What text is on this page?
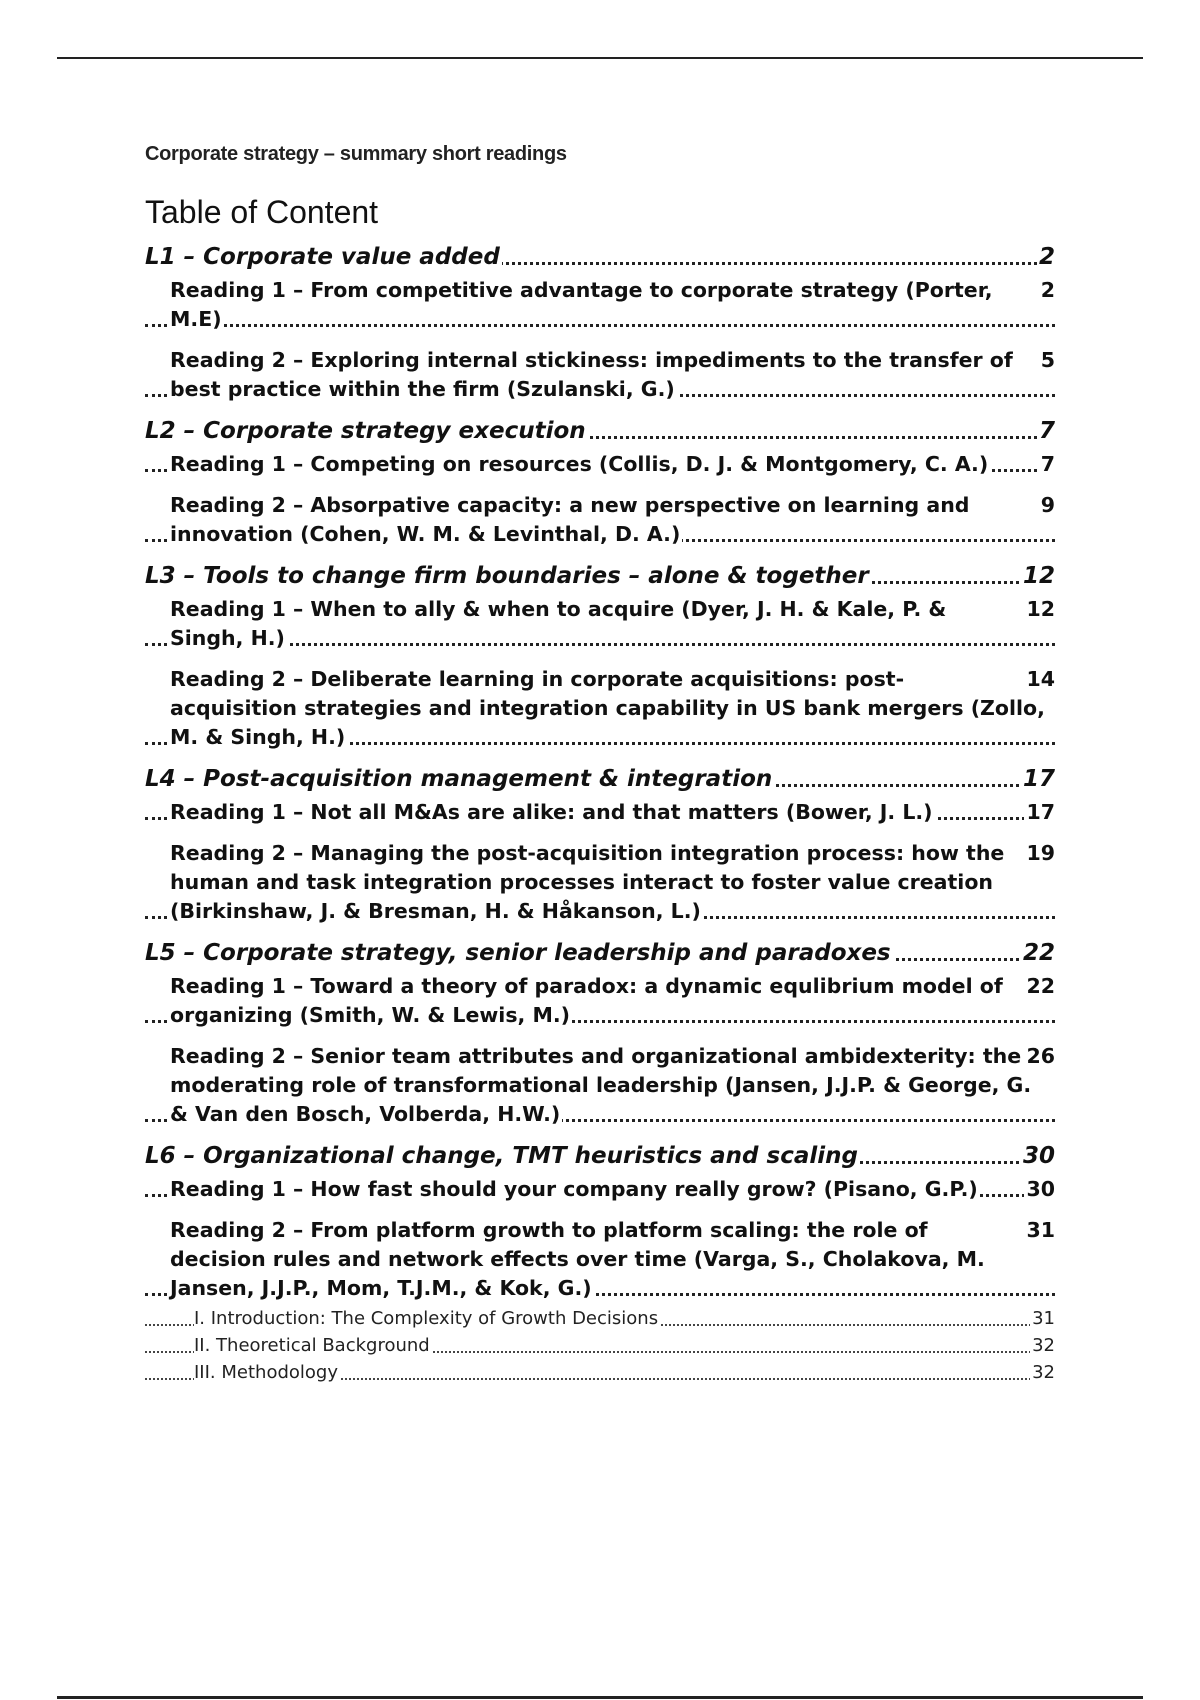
Corporate strategy – summary short readings
Table of Content
2
L1 – Corporate value added
2
Reading 1 – From competitive advantage to corporate strategy (Porter, M.E)
5
Reading 2 – Exploring internal stickiness: impediments to the transfer of best practice within the firm (Szulanski, G.)
7
L2 – Corporate strategy execution
7
Reading 1 – Competing on resources (Collis, D. J. & Montgomery, C. A.)
9
Reading 2 – Absorpative capacity: a new perspective on learning and innovation (Cohen, W. M. & Levinthal, D. A.)
12
L3 – Tools to change firm boundaries – alone & together
12
Reading 1 – When to ally & when to acquire (Dyer, J. H. & Kale, P. & Singh, H.)
14
Reading 2 – Deliberate learning in corporate acquisitions: post-acquisition strategies and integration capability in US bank mergers (Zollo, M. & Singh, H.)
17
L4 – Post-acquisition management & integration
17
Reading 1 – Not all M&As are alike: and that matters (Bower, J. L.)
19
Reading 2 – Managing the post-acquisition integration process: how the human and task integration processes interact to foster value creation (Birkinshaw, J. & Bresman, H. & Håkanson, L.)
22
L5 – Corporate strategy, senior leadership and paradoxes
22
Reading 1 – Toward a theory of paradox: a dynamic equlibrium model of organizing (Smith, W. & Lewis, M.)
26
Reading 2 – Senior team attributes and organizational ambidexterity: the moderating role of transformational leadership (Jansen, J.J.P. & George, G. & Van den Bosch, Volberda, H.W.)
30
L6 – Organizational change, TMT heuristics and scaling
30
Reading 1 – How fast should your company really grow? (Pisano, G.P.)
31
Reading 2 – From platform growth to platform scaling: the role of decision rules and network effects over time (Varga, S., Cholakova, M. Jansen, J.J.P., Mom, T.J.M., & Kok, G.)
31
I. Introduction: The Complexity of Growth Decisions
32
II. Theoretical Background
32
III. Methodology
